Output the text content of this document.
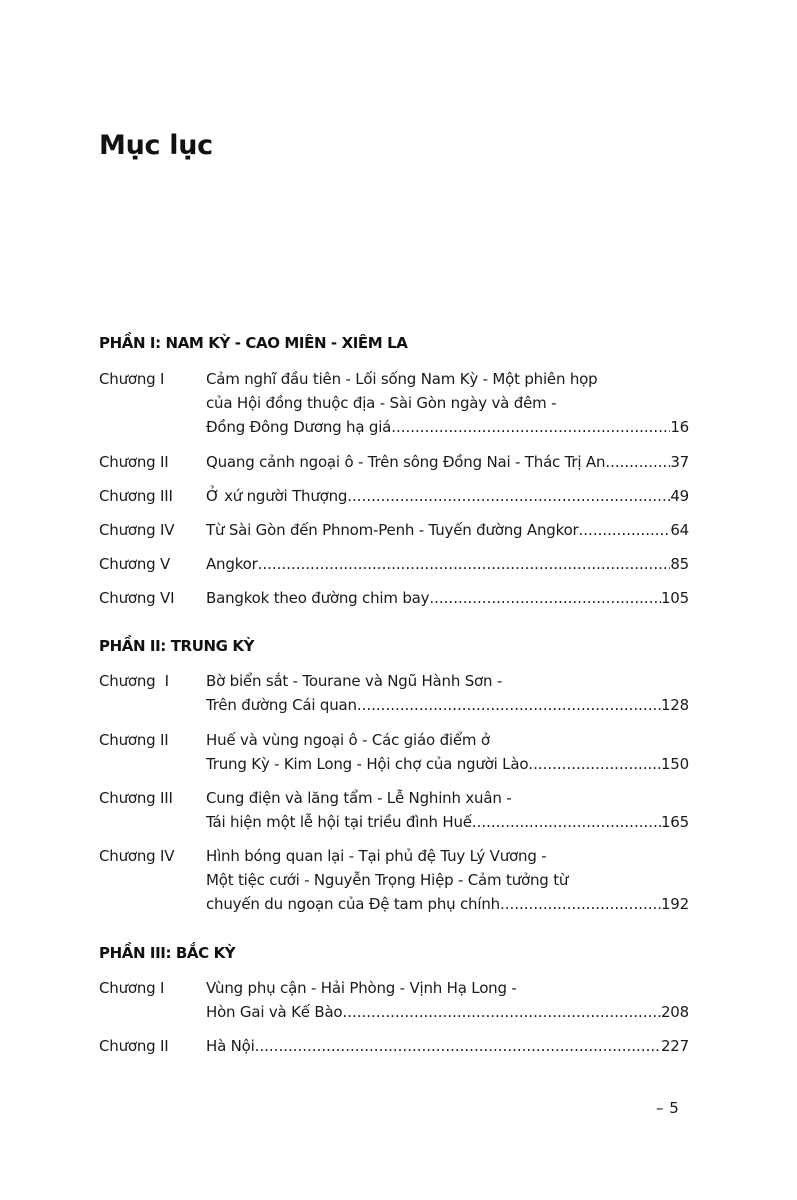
Mục lục
PHẦN I: NAM KỲ - CAO MIÊN - XIÊM LA
Chương I	Cảm nghĩ đầu tiên - Lối sống Nam Kỳ - Một phiên họp
của Hội đồng thuộc địa - Sài Gòn ngày và đêm -
Đồng Đông Dương hạ giá .....	16
Chương II Quang cảnh ngoại ô - Trên sông Đồng Nai - Thác Trị An .....	37
Chương III Ở xứ người Thượng .....	49
Chương IV Từ Sài Gòn đến Phnom-Penh - Tuyến đường Angkor .....	64
Chương V Angkor .....	85
Chương VI Bangkok theo đường chim bay .....	105
PHẦN II: TRUNG KỲ
Chương  I Bờ biển sắt - Tourane và Ngũ Hành Sơn -
Trên đường Cái quan .....	128
Chương II Huế và vùng ngoại ô - Các giáo điểm ở
Trung Kỳ - Kim Long - Hội chợ của người Lào .....	150
Chương III Cung điện và lăng tẩm - Lễ Nghinh xuân -
Tái hiện một lễ hội tại triều đình Huế .....	165
Chương IV Hình bóng quan lại - Tại phủ đệ Tuy Lý Vương -
Một tiệc cưới - Nguyễn Trọng Hiệp - Cảm tưởng từ
chuyến du ngoạn của Đệ tam phụ chính .....	192
PHẦN III: BẮC KỲ
Chương I	Vùng phụ cận - Hải Phòng - Vịnh Hạ Long -
Hòn Gai và Kế Bào .....	208
Chương II Hà Nội .....	227
– 5
